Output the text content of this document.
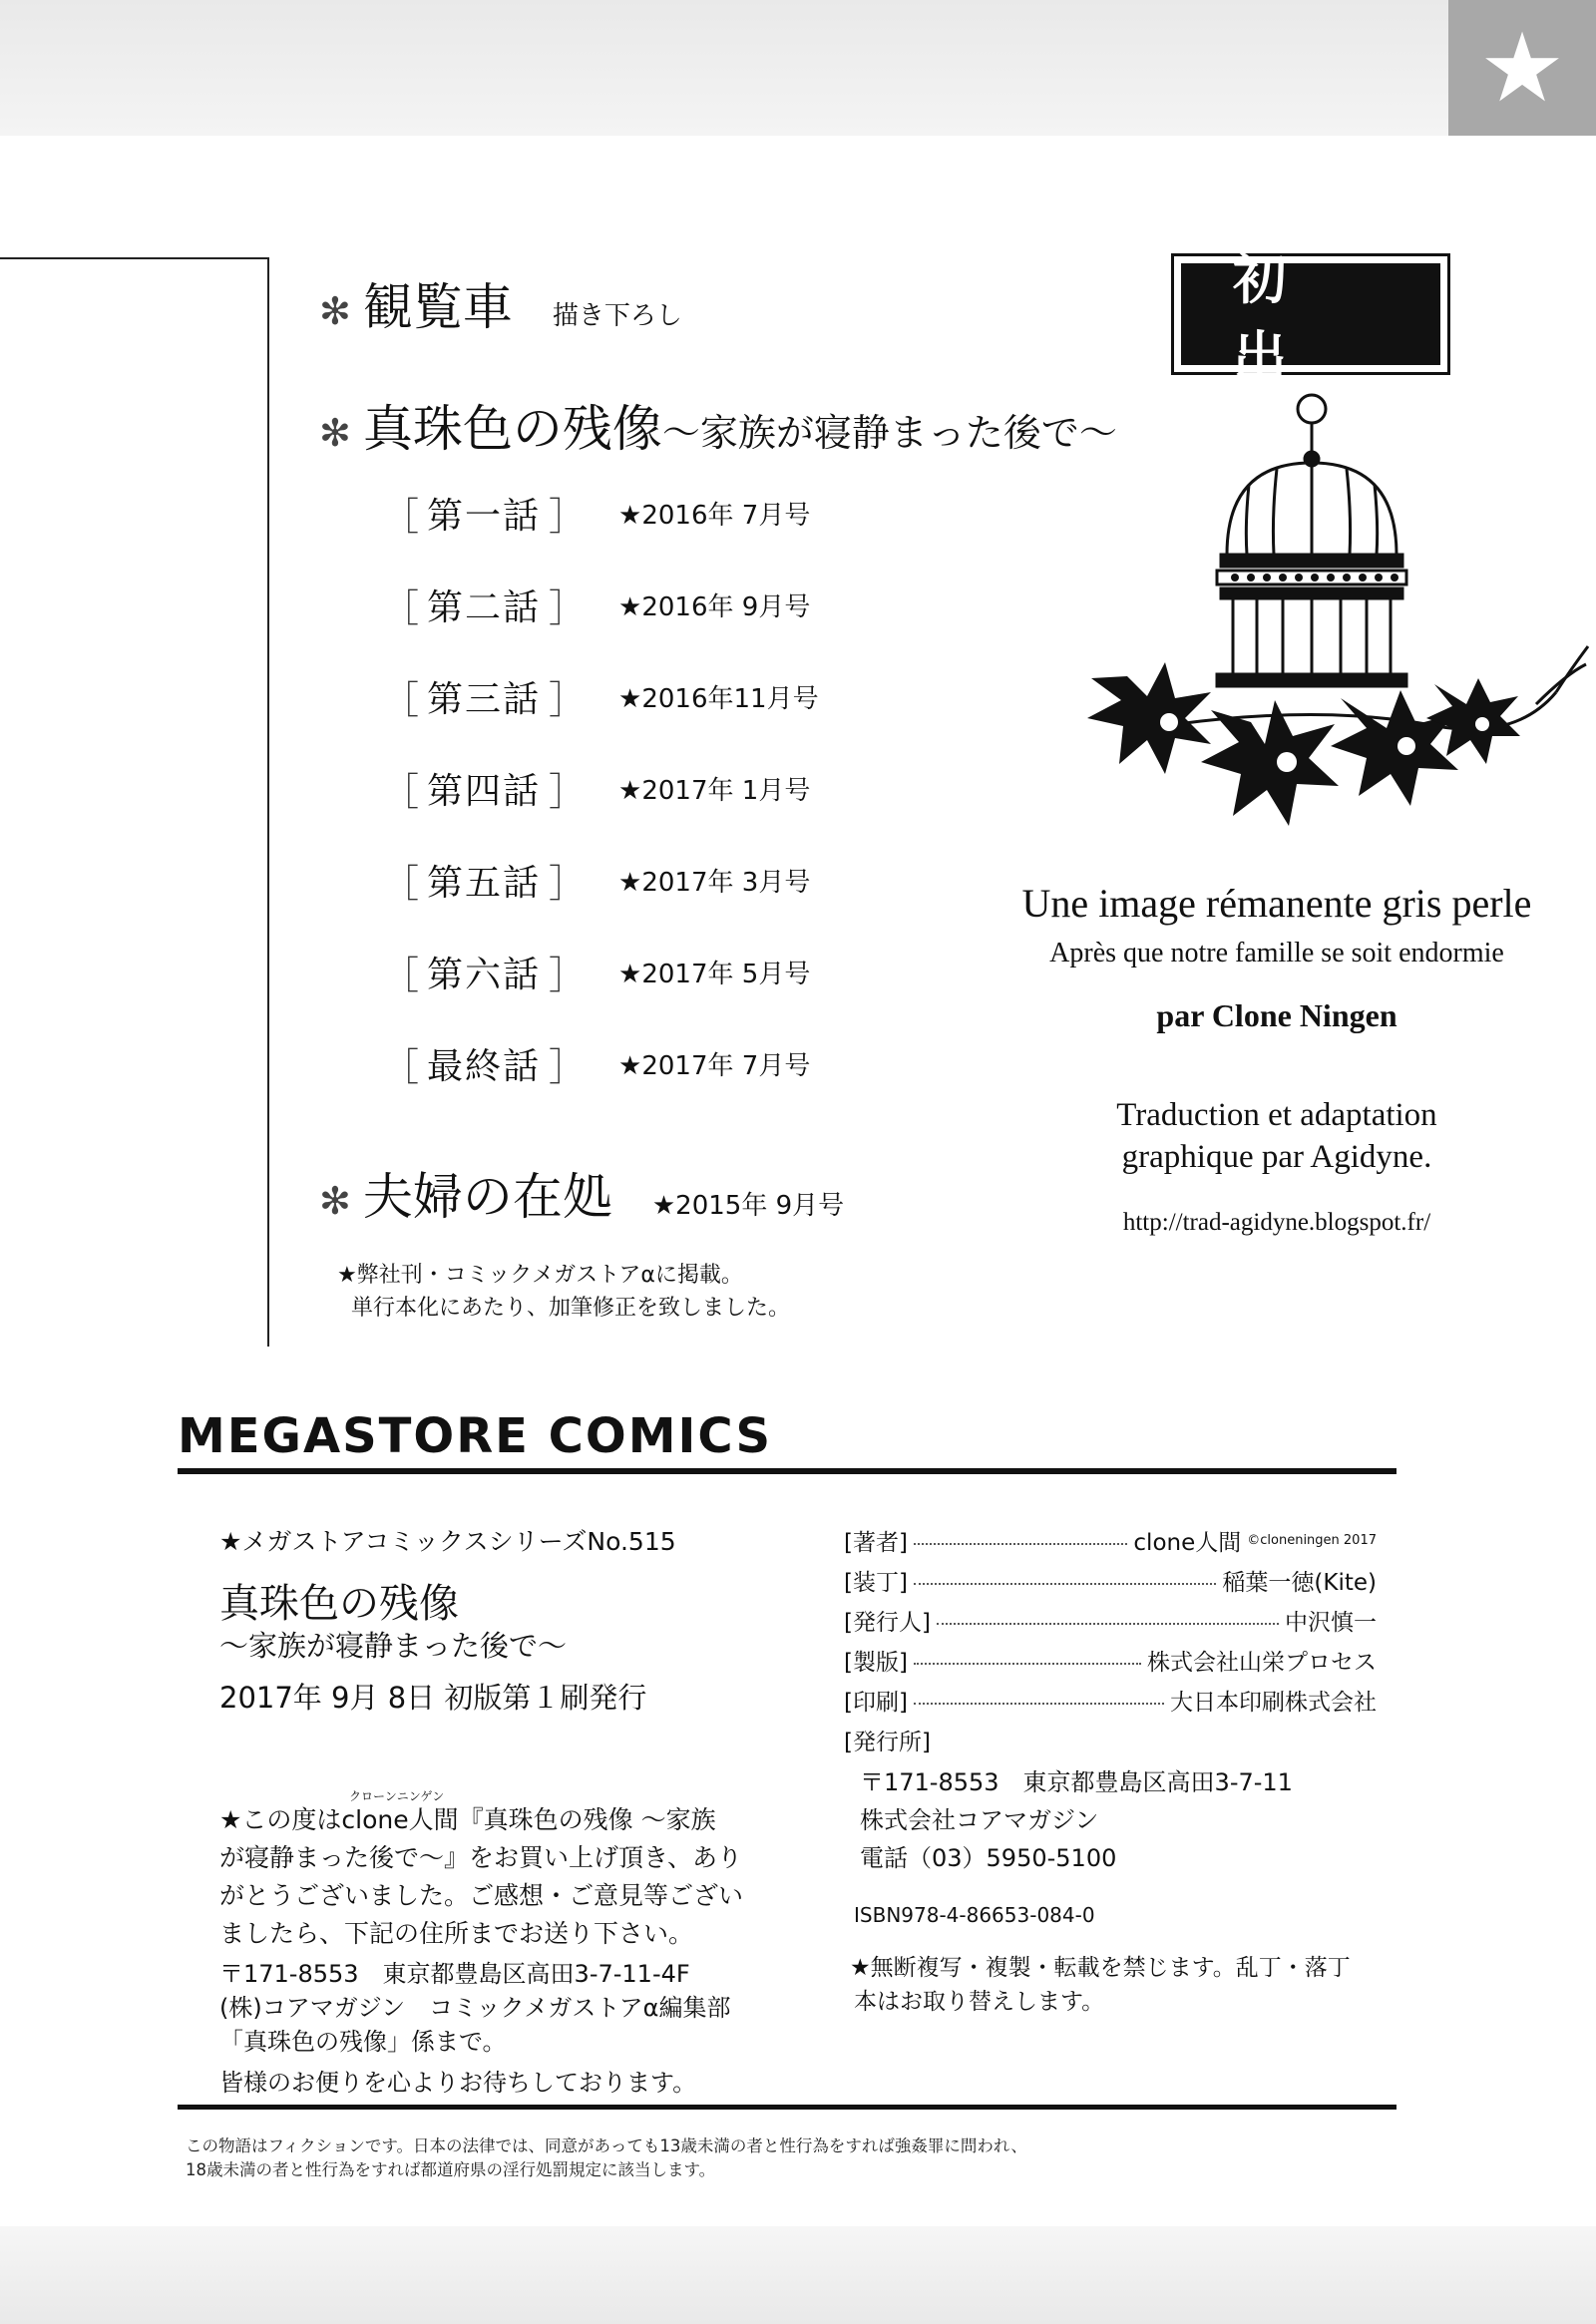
★
✻ 観覧車 描き下ろし
✻ 真珠色の残像〜家族が寝静まった後で〜
［ 第一話 ］ ★2016年 7月号
［ 第二話 ］ ★2016年 9月号
［ 第三話 ］ ★2016年11月号
［ 第四話 ］ ★2017年 1月号
［ 第五話 ］ ★2017年 3月号
［ 第六話 ］ ★2017年 5月号
［ 最終話 ］ ★2017年 7月号
✻ 夫婦の在処 ★2015年 9月号
★弊社刊・コミックメガストアαに掲載。
単行本化にあたり、加筆修正を致しました。
初出
Une image rémanente gris perle
Après que notre famille se soit endormie
par Clone Ningen
Traduction et adaptation
graphique par Agidyne.
http://trad-agidyne.blogspot.fr/
MEGASTORE COMICS
★メガストアコミックスシリーズNo.515
真珠色の残像
〜家族が寝静まった後で〜
2017年 9月 8日 初版第１刷発行
クローンニンゲン
★この度はclone人間『真珠色の残像 〜家族
が寝静まった後で〜』をお買い上げ頂き、あり
がとうございました。ご感想・ご意見等ござい
ましたら、下記の住所までお送り下さい。
〒171-8553　東京都豊島区高田3-7-11-4F
(株)コアマガジン　コミックメガストアα編集部
「真珠色の残像」係まで。
皆様のお便りを心よりお待ちしております。
[著者]	clone人間 ©cloneningen 2017
[装丁]	稲葉一徳(Kite)
[発行人]	中沢慎一
[製版]	株式会社山栄プロセス
[印刷]	大日本印刷株式会社
[発行所]
〒171-8553　東京都豊島区高田3-7-11
株式会社コアマガジン
電話（03）5950-5100
ISBN978-4-86653-084-0
★無断複写・複製・転載を禁じます。乱丁・落丁
本はお取り替えします。
この物語はフィクションです。日本の法律では、同意があっても13歳未満の者と性行為をすれば強姦罪に問われ、
18歳未満の者と性行為をすれば都道府県の淫行処罰規定に該当します。
